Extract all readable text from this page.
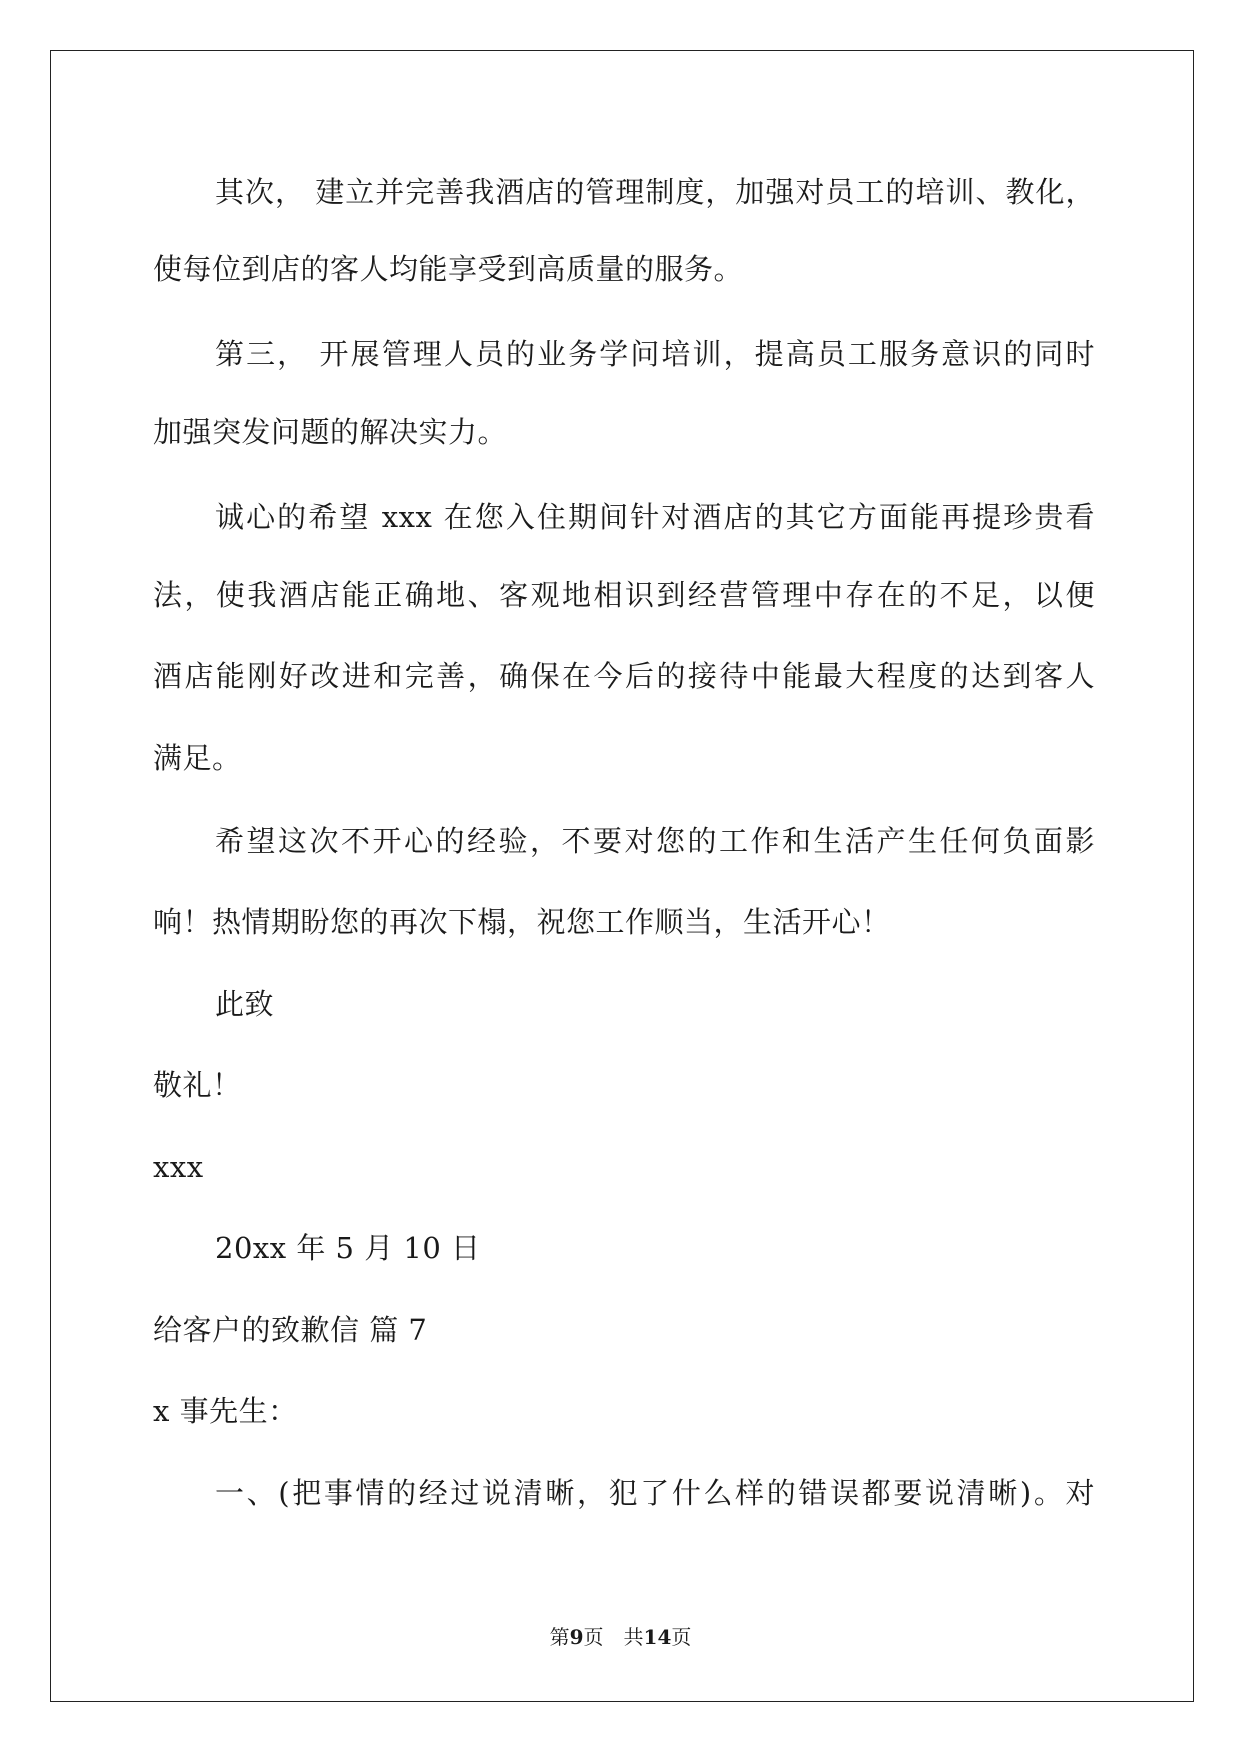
其次， 建立并完善我酒店的管理制度，加强对员工的培训、教化，
使每位到店的客人均能享受到高质量的服务。
第三， 开展管理人员的业务学问培训，提高员工服务意识的同时
加强突发问题的解决实力。
诚心的希望 xxx 在您入住期间针对酒店的其它方面能再提珍贵看
法，使我酒店能正确地、客观地相识到经营管理中存在的不足，以便
酒店能刚好改进和完善，确保在今后的接待中能最大程度的达到客人
满足。
希望这次不开心的经验，不要对您的工作和生活产生任何负面影
响！热情期盼您的再次下榻，祝您工作顺当，生活开心！
此致
敬礼！
xxx
20xx 年 5 月 10 日
给客户的致歉信 篇 7
x 事先生：
一、(把事情的经过说清晰，犯了什么样的错误都要说清晰)。对
第9页 共14页
